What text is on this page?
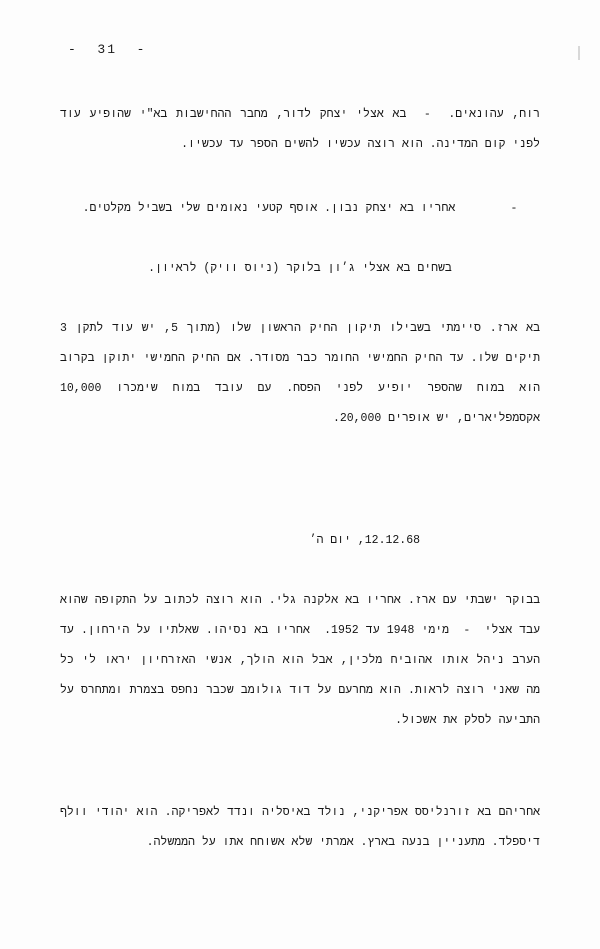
-  31  -
רוח, עהונאים.  -  בא אצלי יצחק לדור, מחבר ההחישבות בא"י שהופיע עוד לפני קום המדינה. הוא רוצה עכשיו להשים הספר עד עכשיו.
-        אחריו בא יצחק נבון. אוסף קטעי נאומים שלי בשביל מקלטים.
בשחים בא אצלי ג׳ון בלוקר (ניוס וויק) לראיון.
בא ארז. סיימתי בשבילו תיקון החיק הראשון שלו (מתוך 5, יש עוד לתקן 3 תיקים שלו. עד החיק החמישי החומר כבר מסודר. אם החיק החמישי יתוקן בקרוב הוא במוח שהספר יופיע לפני הפסח. עם עובד במוח שימכרו 10,000 אקסמפליארים, יש אופרים 20,000.
12.12.68, יום ה׳
בבוקר ישבתי עם ארז. אחריו בא אלקנה גלי. הוא רוצה לכתוב על התקופה שהוא עבד אצלי  -  מימי 1948 עד 1952.  אחריו בא נסיהו. שאלתיו על הירחון. עד הערב ניהל אותו אהוביח מלכין, אבל הוא הולך, אנשי האזרחיון יראו לי כל מה שאני רוצה לראות. הוא מחרעם על דוד גולומב שכבר נחפס בצמרת ומתחרס על התביעה לסלק את אשכול.
אחריהם בא זורנליסס אפריקני, נולד באיסליה ונדד לאפריקה. הוא יהודי וולף דיספלד. מתעניין בנעה בארץ. אמרתי שלא אשוחח אתו על הממשלה.
